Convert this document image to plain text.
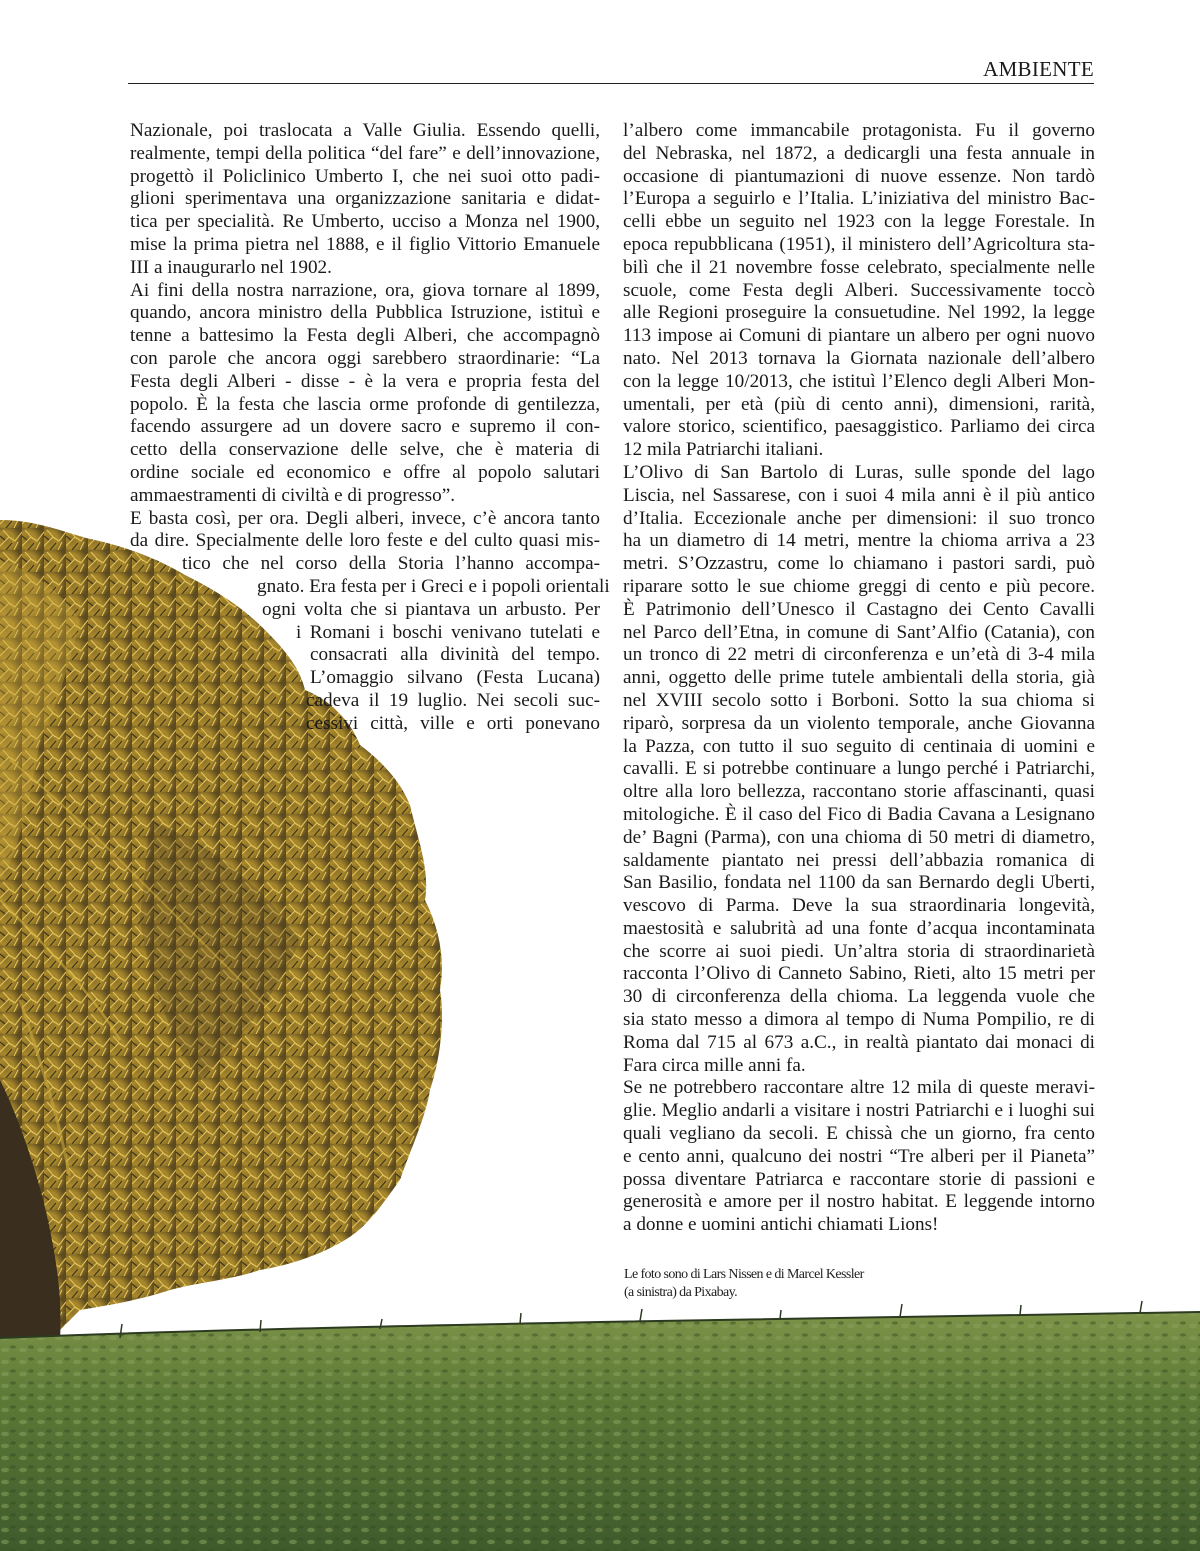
AMBIENTE
Nazionale, poi traslocata a Valle Giulia. Essendo quelli,
realmente, tempi della politica “del fare” e dell’innovazione,
progettò il Policlinico Umberto I, che nei suoi otto padi-
glioni sperimentava una organizzazione sanitaria e didat-
tica per specialità. Re Umberto, ucciso a Monza nel 1900,
mise la prima pietra nel 1888, e il figlio Vittorio Emanuele
III a inaugurarlo nel 1902.
Ai fini della nostra narrazione, ora, giova tornare al 1899,
quando, ancora ministro della Pubblica Istruzione, istituì e
tenne a battesimo la Festa degli Alberi, che accompagnò
con parole che ancora oggi sarebbero straordinarie: “La
Festa degli Alberi - disse - è la vera e propria festa del
popolo. È la festa che lascia orme profonde di gentilezza,
facendo assurgere ad un dovere sacro e supremo il con-
cetto della conservazione delle selve, che è materia di
ordine sociale ed economico e offre al popolo salutari
ammaestramenti di civiltà e di progresso”.
E basta così, per ora. Degli alberi, invece, c’è ancora tanto
da dire. Specialmente delle loro feste e del culto quasi mis-
tico che nel corso della Storia l’hanno accompa-
gnato. Era festa per i Greci e i popoli orientali
ogni volta che si piantava un arbusto. Per
i Romani i boschi venivano tutelati e
consacrati alla divinità del tempo.
L’omaggio silvano (Festa Lucana)
cadeva il 19 luglio. Nei secoli suc-
cessivi città, ville e orti ponevano
l’albero come immancabile protagonista. Fu il governo
del Nebraska, nel 1872, a dedicargli una festa annuale in
occasione di piantumazioni di nuove essenze. Non tardò
l’Europa a seguirlo e l’Italia. L’iniziativa del ministro Bac-
celli ebbe un seguito nel 1923 con la legge Forestale. In
epoca repubblicana (1951), il ministero dell’Agricoltura sta-
bilì che il 21 novembre fosse celebrato, specialmente nelle
scuole, come Festa degli Alberi. Successivamente toccò
alle Regioni proseguire la consuetudine. Nel 1992, la legge
113 impose ai Comuni di piantare un albero per ogni nuovo
nato. Nel 2013 tornava la Giornata nazionale dell’albero
con la legge 10/2013, che istituì l’Elenco degli Alberi Mon-
umentali, per età (più di cento anni), dimensioni, rarità,
valore storico, scientifico, paesaggistico. Parliamo dei circa
12 mila Patriarchi italiani.
L’Olivo di San Bartolo di Luras, sulle sponde del lago
Liscia, nel Sassarese, con i suoi 4 mila anni è il più antico
d’Italia. Eccezionale anche per dimensioni: il suo tronco
ha un diametro di 14 metri, mentre la chioma arriva a 23
metri. S’Ozzastru, come lo chiamano i pastori sardi, può
riparare sotto le sue chiome greggi di cento e più pecore.
È Patrimonio dell’Unesco il Castagno dei Cento Cavalli
nel Parco dell’Etna, in comune di Sant’Alfio (Catania), con
un tronco di 22 metri di circonferenza e un’età di 3-4 mila
anni, oggetto delle prime tutele ambientali della storia, già
nel XVIII secolo sotto i Borboni. Sotto la sua chioma si
riparò, sorpresa da un violento temporale, anche Giovanna
la Pazza, con tutto il suo seguito di centinaia di uomini e
cavalli. E si potrebbe continuare a lungo perché i Patriarchi,
oltre alla loro bellezza, raccontano storie affascinanti, quasi
mitologiche. È il caso del Fico di Badia Cavana a Lesignano
de’ Bagni (Parma), con una chioma di 50 metri di diametro,
saldamente piantato nei pressi dell’abbazia romanica di
San Basilio, fondata nel 1100 da san Bernardo degli Uberti,
vescovo di Parma. Deve la sua straordinaria longevità,
maestosità e salubrità ad una fonte d’acqua incontaminata
che scorre ai suoi piedi. Un’altra storia di straordinarietà
racconta l’Olivo di Canneto Sabino, Rieti, alto 15 metri per
30 di circonferenza della chioma. La leggenda vuole che
sia stato messo a dimora al tempo di Numa Pompilio, re di
Roma dal 715 al 673 a.C., in realtà piantato dai monaci di
Fara circa mille anni fa.
Se ne potrebbero raccontare altre 12 mila di queste meravi-
glie. Meglio andarli a visitare i nostri Patriarchi e i luoghi sui
quali vegliano da secoli. E chissà che un giorno, fra cento
e cento anni, qualcuno dei nostri “Tre alberi per il Pianeta”
possa diventare Patriarca e raccontare storie di passioni e
generosità e amore per il nostro habitat. E leggende intorno
a donne e uomini antichi chiamati Lions!
Le foto sono di Lars Nissen e di Marcel Kessler
(a sinistra) da Pixabay.
